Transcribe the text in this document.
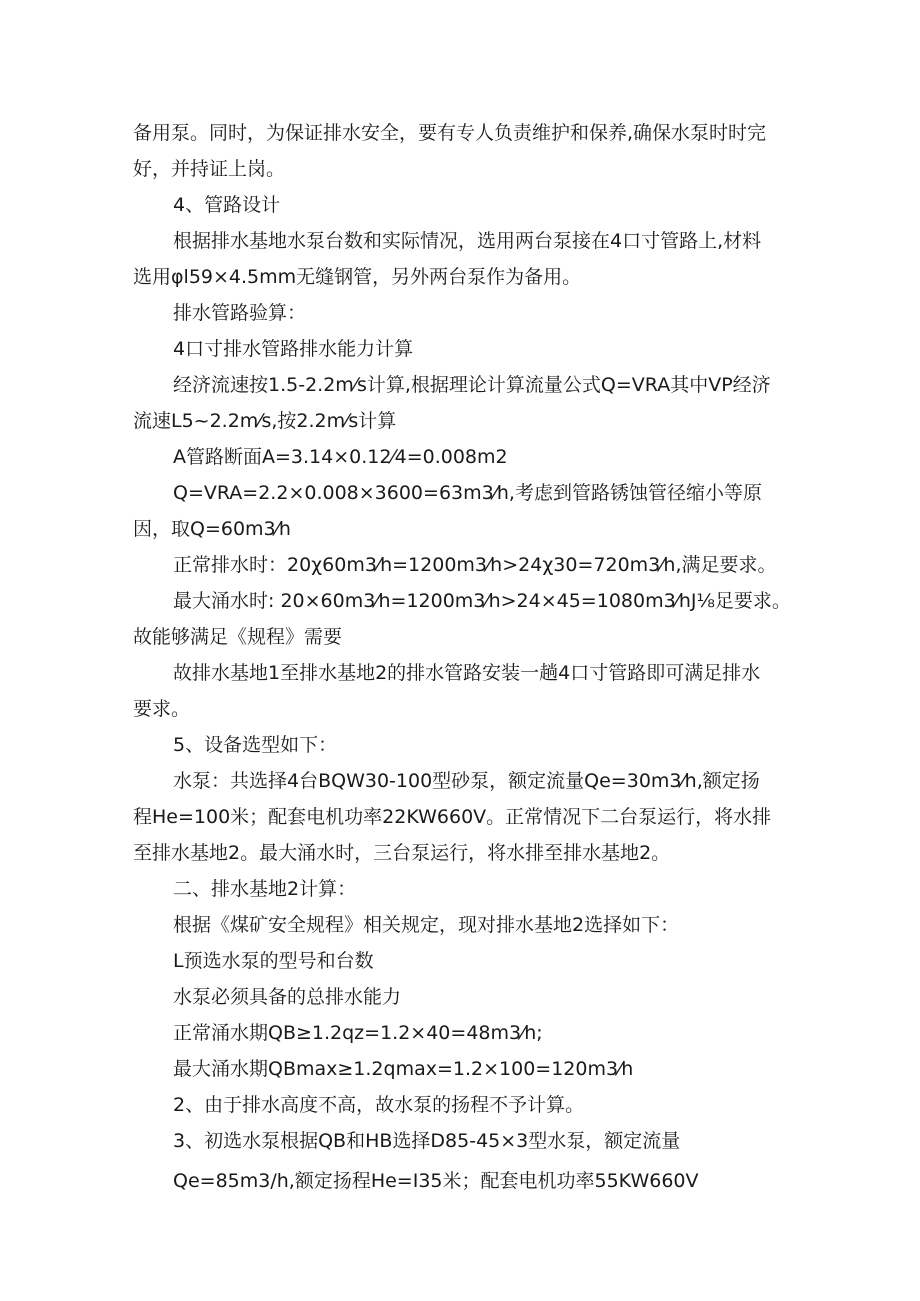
备用泵。同时，为保证排水安全，要有专人负责维护和保养,确保水泵时时完
好，并持证上岗。
4、管路设计
根据排水基地水泵台数和实际情况，选用两台泵接在4口寸管路上,材料
选用φl59×4.5mm无缝钢管，另外两台泵作为备用。
排水管路验算：
4口寸排水管路排水能力计算
经济流速按1.5-2.2m⁄s计算,根据理论计算流量公式Q=VRA其中VP经济
流速L5~2.2m⁄s,按2.2m⁄s计算
A管路断面A=3.14×0.12⁄4=0.008m2
Q=VRA=2.2×0.008×3600=63m3⁄h,考虑到管路锈蚀管径缩小等原
因，取Q=60m3⁄h
正常排水时：20χ60m3⁄h=1200m3⁄h>24χ30=720m3⁄h,满足要求。
最大涌水时: 20×60m3⁄h=1200m3⁄h>24×45=1080m3⁄hJ⅛足要求。
故能够满足《规程》需要
故排水基地1至排水基地2的排水管路安装一趟4口寸管路即可满足排水
要求。
5、设备选型如下：
水泵：共选择4台BQW30-100型砂泵，额定流量Qe=30m3⁄h,额定扬
程He=100米；配套电机功率22KW660V。正常情况下二台泵运行，将水排
至排水基地2。最大涌水时，三台泵运行，将水排至排水基地2。
二、排水基地2计算：
根据《煤矿安全规程》相关规定，现对排水基地2选择如下：
L预选水泵的型号和台数
水泵必须具备的总排水能力
正常涌水期QB≥1.2qz=1.2×40=48m3⁄h;
最大涌水期QBmax≥1.2qmax=1.2×100=120m3⁄h
2、由于排水高度不高，故水泵的扬程不予计算。
3、初选水泵根据QB和HB选择D85-45×3型水泵，额定流量
Qe=85m3/h,额定扬程He=I35米；配套电机功率55KW660V
